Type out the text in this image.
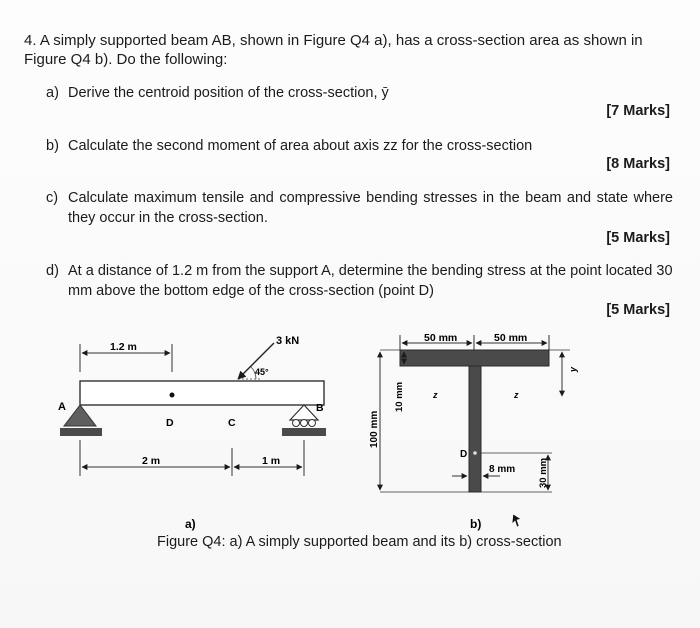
4. A simply supported beam AB, shown in Figure Q4 a), has a cross-section area as shown in Figure Q4 b). Do the following:
a) Derive the centroid position of the cross-section, ȳ
[7 Marks]
b) Calculate the second moment of area about axis zz for the cross-section
[8 Marks]
c) Calculate maximum tensile and compressive bending stresses in the beam and state where they occur in the cross-section.
[5 Marks]
d) At a distance of 1.2 m from the support A, determine the bending stress at the point located 30 mm above the bottom edge of the cross-section (point D)
[5 Marks]
1.2 m
A	B
D	C
3 kN
45°
2 m	1 m
a)
50 mm	50 mm
100 mm
10 mm	z	z
D
8 mm 30 mm
y
b)
Figure Q4: a) A simply supported beam and its b) cross-section
